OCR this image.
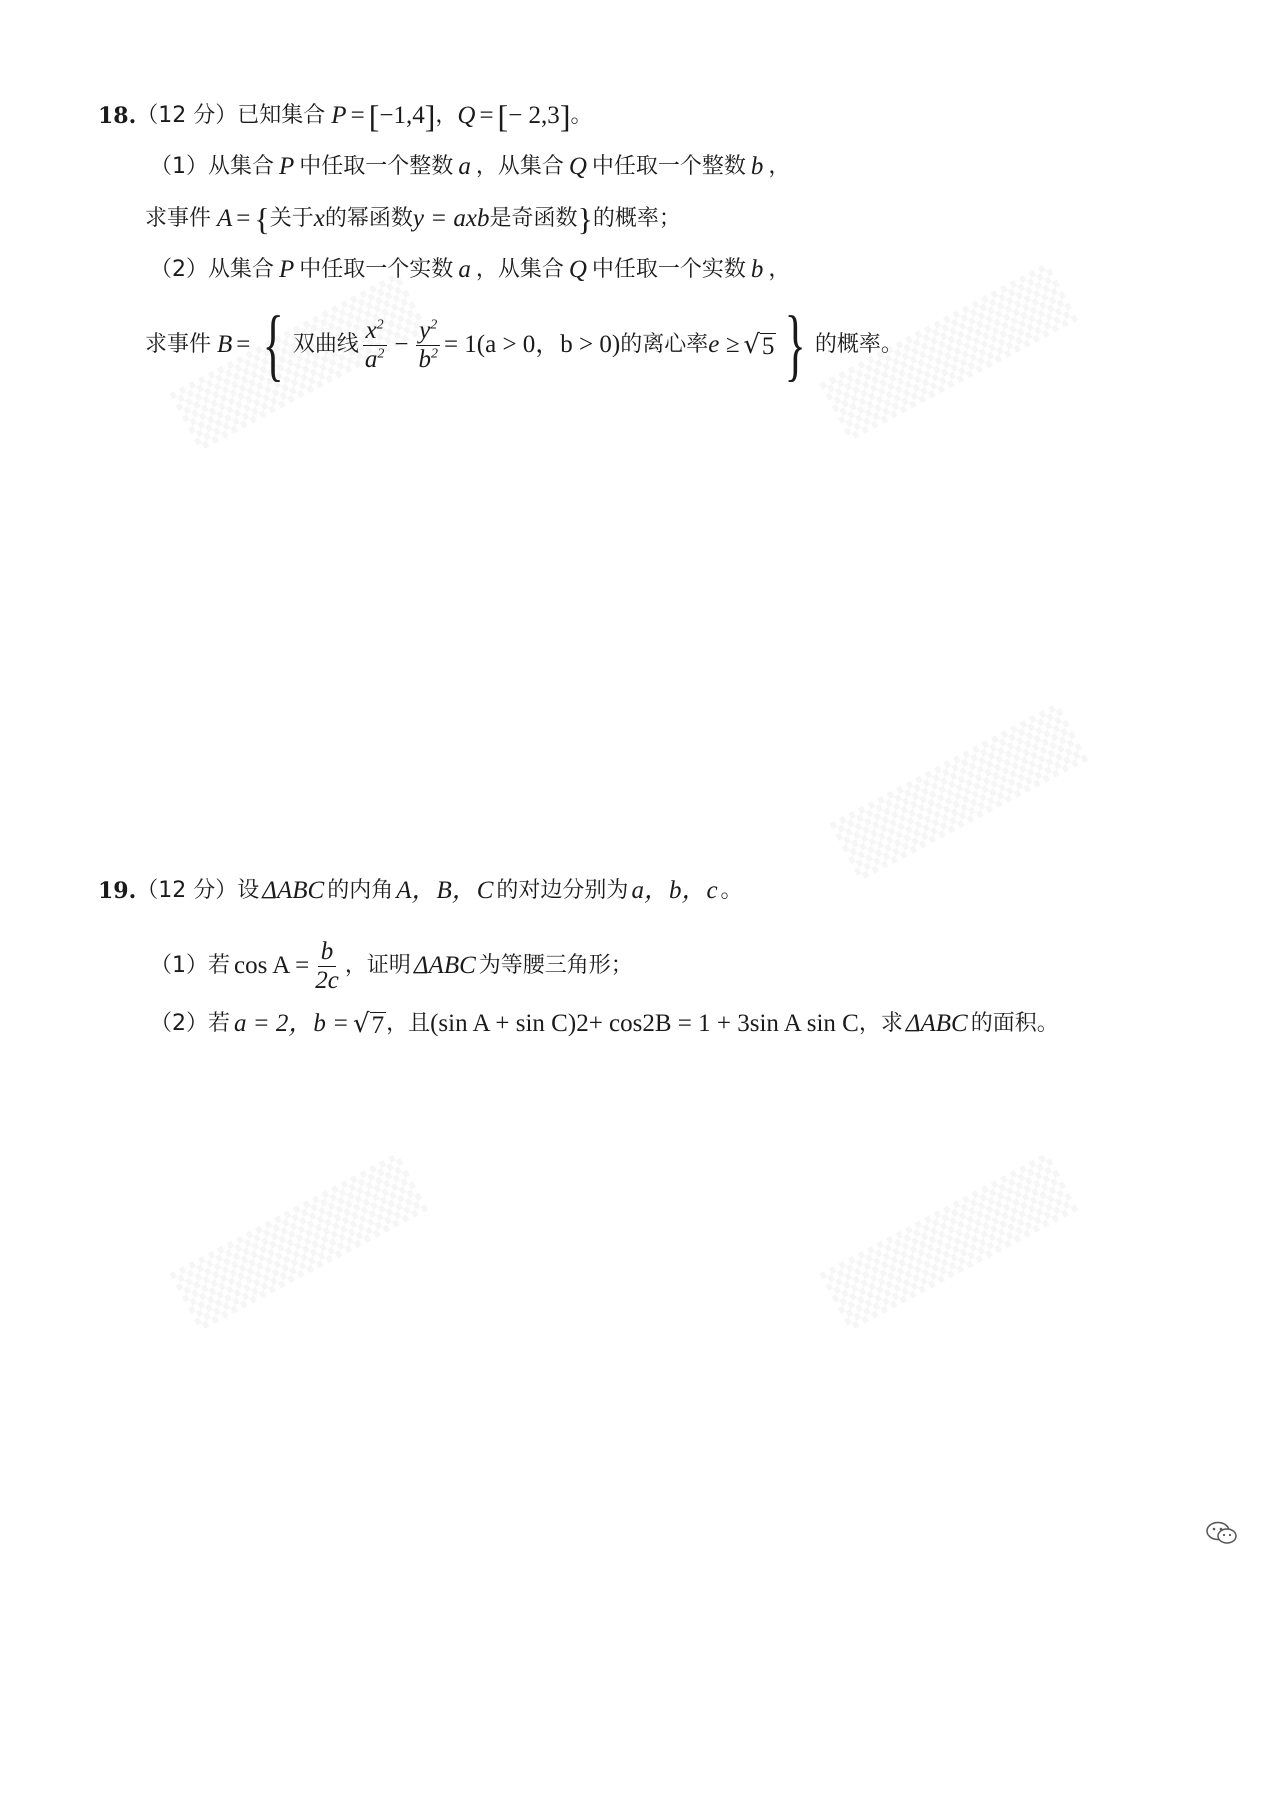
18. （12 分） 已知集合 P = [ −1,4 ] ， Q = [ − 2,3 ] 。
（1） 从集合 P 中任取一个整数 a ，从集合 Q 中任取一个整数 b ，
求事件 A = { 关于 x 的幂函数 y = ax b 是奇函数 } 的概率；
（2） 从集合 P 中任取一个实数 a ，从集合 Q 中任取一个实数 b ，
求事件 B = { 双曲线 $\frac{x^2}{a^2} - \frac{y^2}{b^2} = 1(a > 0$，b > 0) 的离心率 e ≥ √ 5 } 的概率。
19. （12 分） 设 ΔABC 的内角 A，B，C 的对边分别为 a，b，c 。
（1） 若 $\cos A = \frac{b}{2c}$ ，证明 ΔABC 为等腰三角形；
（2） 若 a = 2，b = √ 7 ，且 (sin A + sin C) 2 + cos 2 B = 1 + 3sin A sin C ，求 ΔABC 的面积。
